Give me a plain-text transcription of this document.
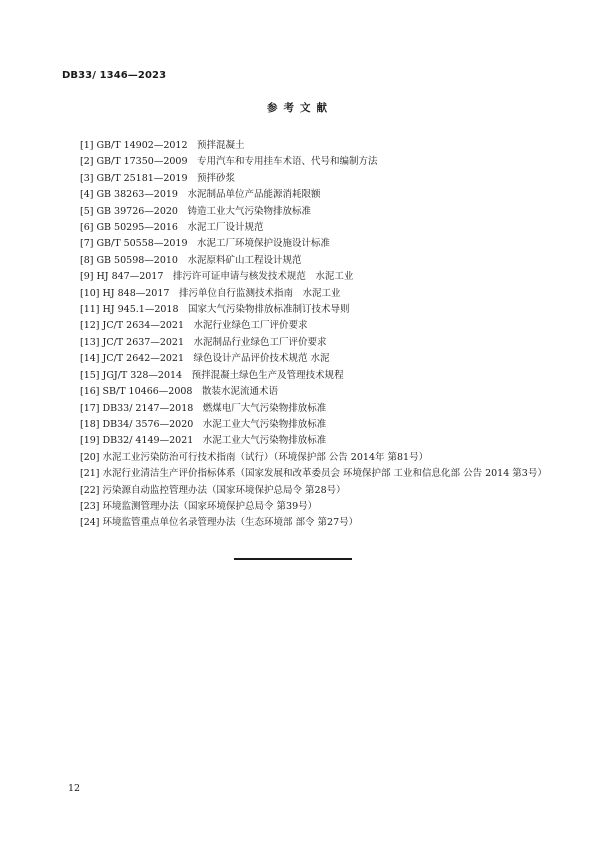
DB33/ 1346—2023
参考文献
[1] GB/T 14902—2012　预拌混凝土
[2] GB/T 17350—2009　专用汽车和专用挂车术语、代号和编制方法
[3] GB/T 25181—2019　预拌砂浆
[4] GB 38263—2019　水泥制品单位产品能源消耗限额
[5] GB 39726—2020　铸造工业大气污染物排放标准
[6] GB 50295—2016　水泥工厂设计规范
[7] GB/T 50558—2019　水泥工厂环境保护设施设计标准
[8] GB 50598—2010　水泥原料矿山工程设计规范
[9] HJ 847—2017　排污许可证申请与核发技术规范　水泥工业
[10] HJ 848—2017　排污单位自行监测技术指南　水泥工业
[11] HJ 945.1—2018　国家大气污染物排放标准制订技术导则
[12] JC/T 2634—2021　水泥行业绿色工厂评价要求
[13] JC/T 2637—2021　水泥制品行业绿色工厂评价要求
[14] JC/T 2642—2021　绿色设计产品评价技术规范 水泥
[15] JGJ/T 328—2014　预拌混凝土绿色生产及管理技术规程
[16] SB/T 10466—2008　散装水泥流通术语
[17] DB33/ 2147—2018　燃煤电厂大气污染物排放标准
[18] DB34/ 3576—2020　水泥工业大气污染物排放标准
[19] DB32/ 4149—2021　水泥工业大气污染物排放标准
[20] 水泥工业污染防治可行技术指南（试行）（环境保护部 公告 2014年 第81号）
[21] 水泥行业清洁生产评价指标体系（国家发展和改革委员会 环境保护部 工业和信息化部 公告 2014 第3号）
[22] 污染源自动监控管理办法（国家环境保护总局令 第28号）
[23] 环境监测管理办法（国家环境保护总局令 第39号）
[24] 环境监管重点单位名录管理办法（生态环境部 部令 第27号）
12
